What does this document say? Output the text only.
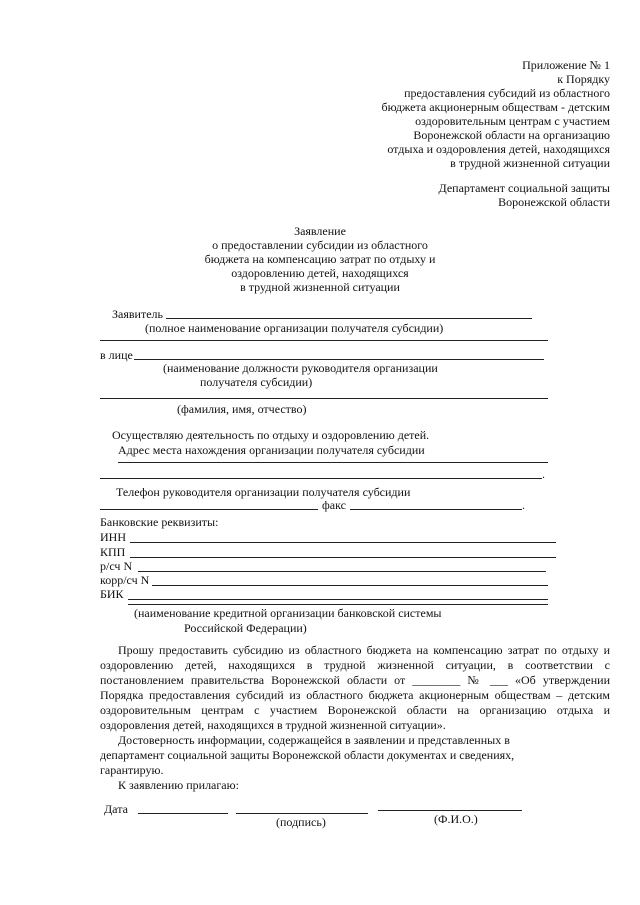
Приложение № 1
к Порядку
предоставления субсидий из областного
бюджета акционерным обществам - детским
оздоровительным центрам с участием
Воронежской области на организацию
отдыха и оздоровления детей, находящихся
в трудной жизненной ситуации
Департамент социальной защиты
Воронежской области
Заявление
о предоставлении субсидии из областного
бюджета на компенсацию затрат по отдыху и
оздоровлению детей, находящихся
в трудной жизненной ситуации
Заявитель
(полное наименование организации получателя субсидии)
в лице
(наименование должности руководителя организации
получателя субсидии)
(фамилия, имя, отчество)
Осуществляю деятельность по отдыху и оздоровлению детей.
Адрес места нахождения организации получателя субсидии
.
Телефон руководителя организации получателя субсидии
факс	.
Банковские реквизиты:
ИНН
КПП
р/сч N
корр/сч N
БИК
(наименование кредитной организации банковской системы
Российской Федерации)
Прошу предоставить субсидию из областного бюджета на компенсацию затрат по отдыху и
оздоровлению детей, находящихся в трудной жизненной ситуации, в соответствии с
постановлением правительства Воронежской области от ________ № ___ «Об утверждении
Порядка предоставления субсидий из областного бюджета акционерным обществам – детским
оздоровительным центрам с участием Воронежской области на организацию отдыха и
оздоровления детей, находящихся в трудной жизненной ситуации».
Достоверность информации, содержащейся в заявлении и представленных в
департамент социальной защиты Воронежской области документах и сведениях,
гарантирую.
К заявлению прилагаю:
Дата
(подпись)	(Ф.И.О.)
